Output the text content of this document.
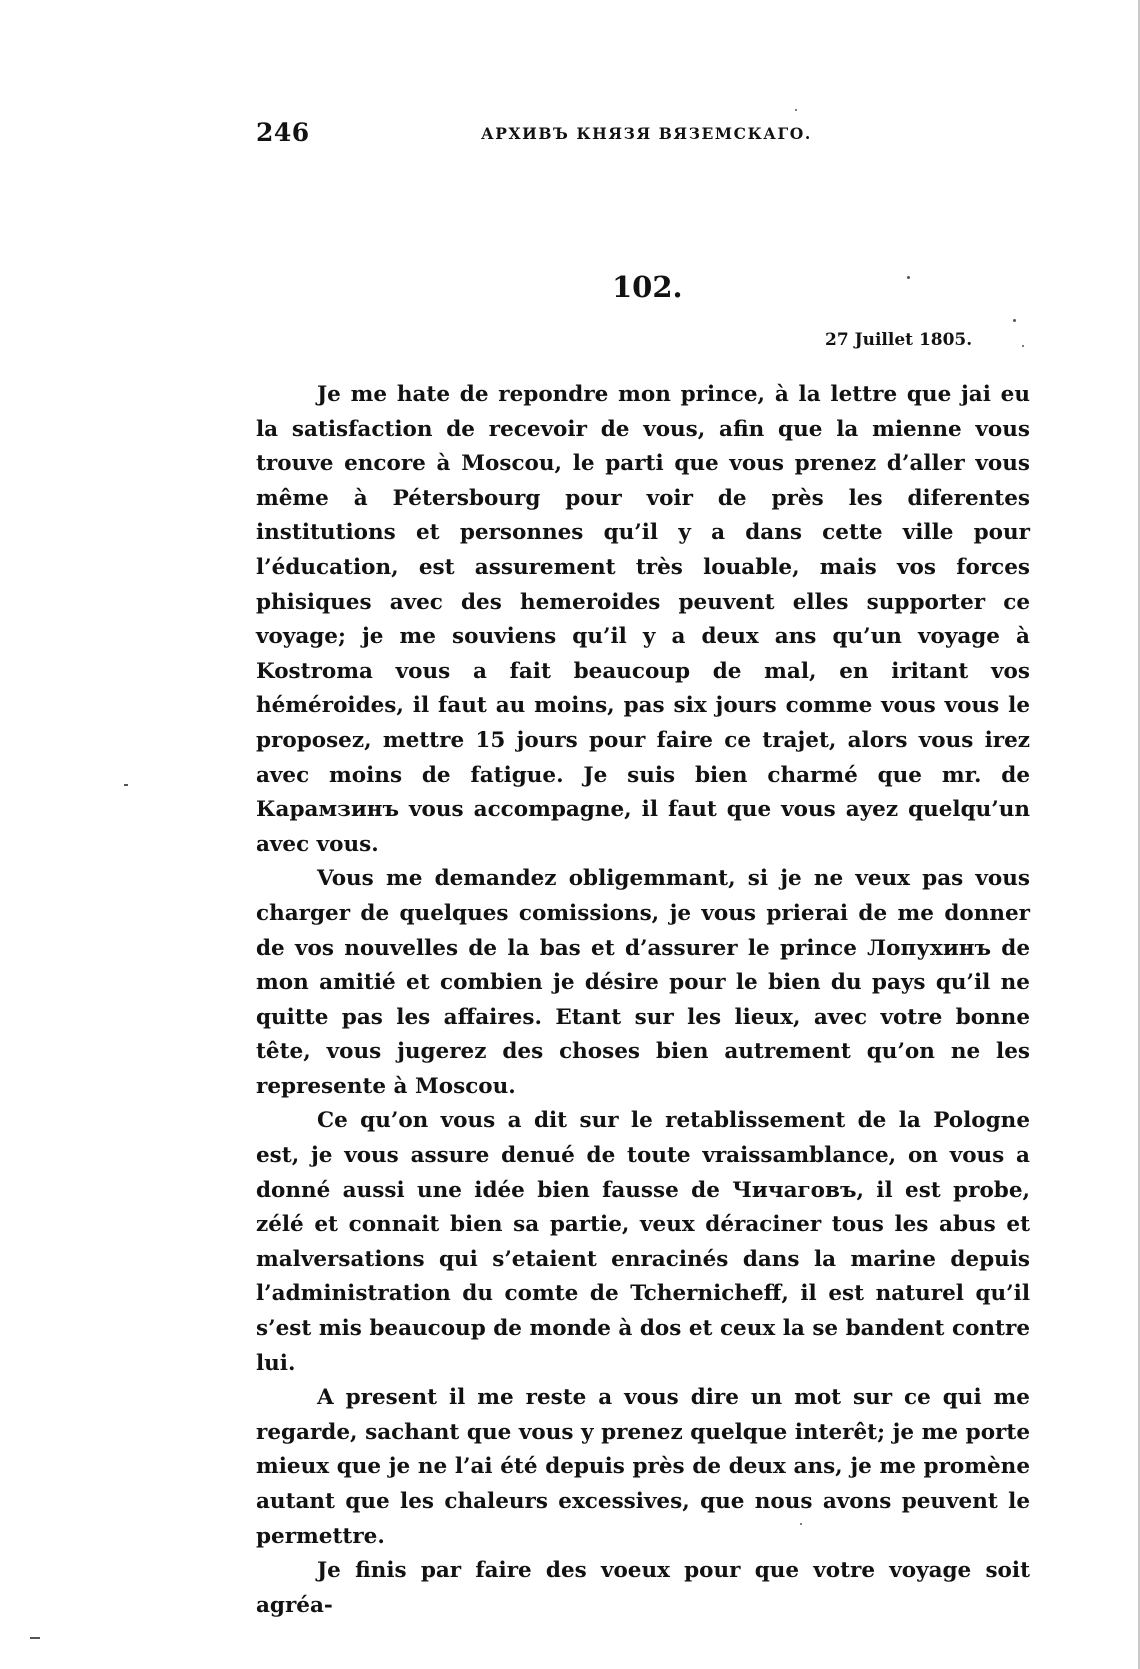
246	АРХИВЪ КНЯЗЯ ВЯЗЕМСКАГО.
102.
27 Juillet 1805.

Je me hate de repondre mon prince, à la lettre que jai eu la satisfaction de recevoir de vous, afin que la mienne vous trouve encore à Moscou, le parti que vous prenez d’aller vous même à Pétersbourg pour voir de près les diferentes institutions et personnes qu’il y a dans cette ville pour l’éducation, est assurement très louable, mais vos forces phisiques avec des hemeroides peuvent elles supporter ce voyage; je me souviens qu’il y a deux ans qu’un voyage à Kostroma vous a fait beaucoup de mal, en iritant vos héméroides, il faut au moins, pas six jours comme vous vous le proposez, mettre 15 jours pour faire ce trajet, alors vous irez avec moins de fatigue. Je suis bien charmé que mr. de Карамзинъ vous accompagne, il faut que vous ayez quelqu’un avec vous.

Vous me demandez obligemmant, si je ne veux pas vous charger de quelques comissions, je vous prierai de me donner de vos nouvelles de la bas et d’assurer le prince Лопухинъ de mon amitié et combien je désire pour le bien du pays qu’il ne quitte pas les affaires. Etant sur les lieux, avec votre bonne tête, vous jugerez des choses bien autrement qu’on ne les represente à Moscou.

Ce qu’on vous a dit sur le retablissement de la Pologne est, je vous assure denué de toute vraissamblance, on vous a donné aussi une idée bien fausse de Чичаговъ, il est probe, zélé et connait bien sa partie, veux déraciner tous les abus et malversations qui s’etaient enracinés dans la marine depuis l’administration du comte de Tchernicheff, il est naturel qu’il s’est mis beaucoup de monde à dos et ceux la se bandent contre lui.

A present il me reste a vous dire un mot sur ce qui me regarde, sachant que vous y prenez quelque interêt; je me porte mieux que je ne l’ai été depuis près de deux ans, je me promène autant que les chaleurs excessives, que nous avons peuvent le permettre.

Je finis par faire des voeux pour que votre voyage soit agréa-
